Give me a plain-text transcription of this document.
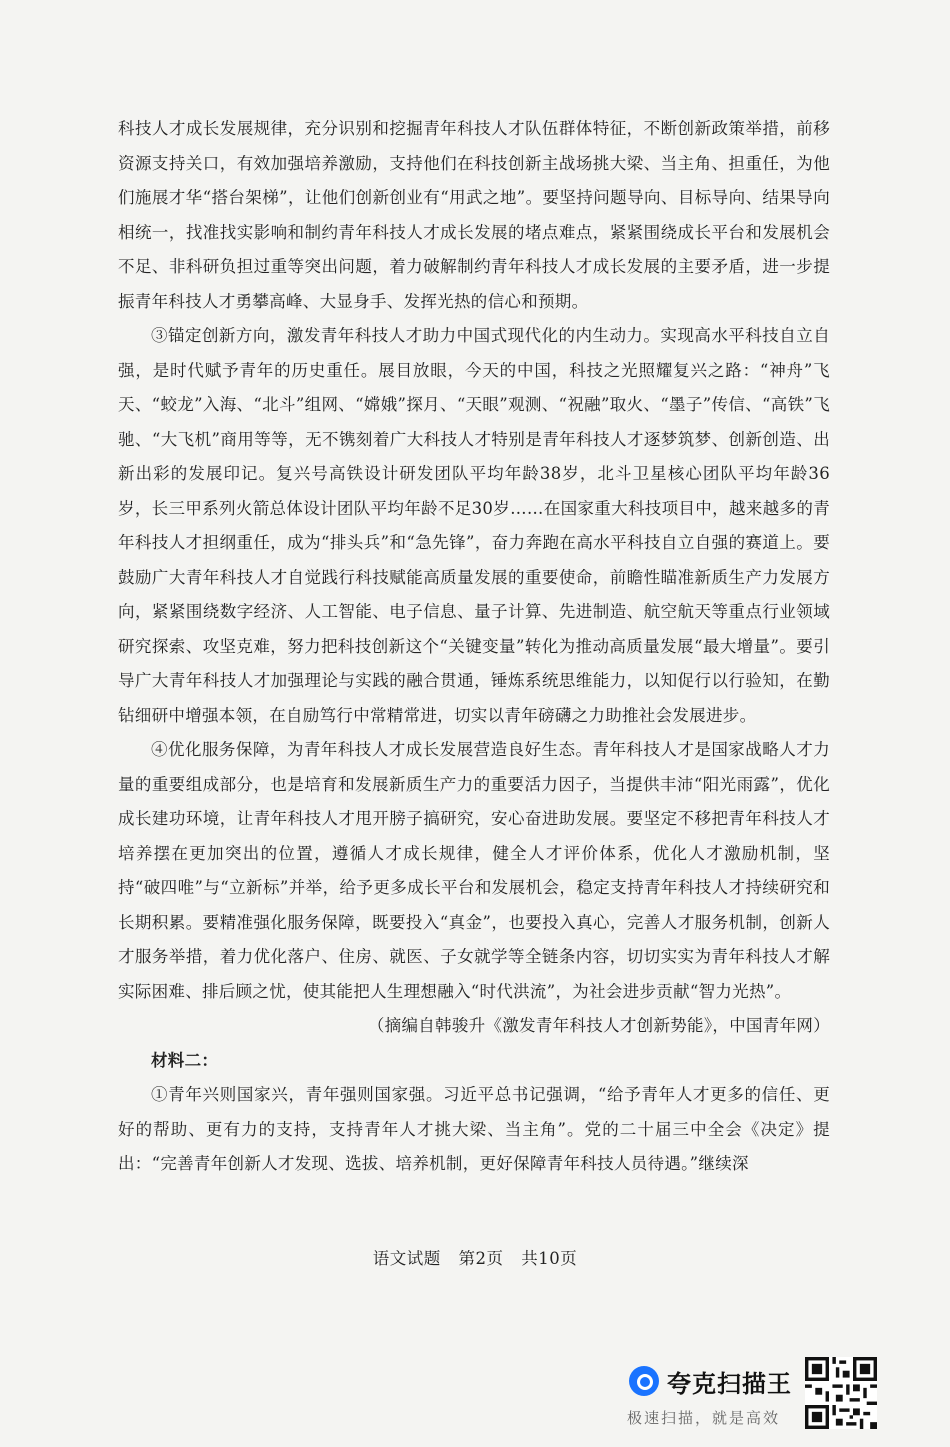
科技人才成长发展规律，充分识别和挖掘青年科技人才队伍群体特征，不断创新政策举措，前移资源支持关口，有效加强培养激励，支持他们在科技创新主战场挑大梁、当主角、担重任，为他们施展才华“搭台架梯”，让他们创新创业有“用武之地”。要坚持问题导向、目标导向、结果导向相统一，找准找实影响和制约青年科技人才成长发展的堵点难点，紧紧围绕成长平台和发展机会不足、非科研负担过重等突出问题，着力破解制约青年科技人才成长发展的主要矛盾，进一步提振青年科技人才勇攀高峰、大显身手、发挥光热的信心和预期。

③锚定创新方向，激发青年科技人才助力中国式现代化的内生动力。实现高水平科技自立自强，是时代赋予青年的历史重任。展目放眼，今天的中国，科技之光照耀复兴之路：“神舟”飞天、“蛟龙”入海、“北斗”组网、“嫦娥”探月、“天眼”观测、“祝融”取火、“墨子”传信、“高铁”飞驰、“大飞机”商用等等，无不镌刻着广大科技人才特别是青年科技人才逐梦筑梦、创新创造、出新出彩的发展印记。复兴号高铁设计研发团队平均年龄38岁，北斗卫星核心团队平均年龄36岁，长三甲系列火箭总体设计团队平均年龄不足30岁……在国家重大科技项目中，越来越多的青年科技人才担纲重任，成为“排头兵”和“急先锋”，奋力奔跑在高水平科技自立自强的赛道上。要鼓励广大青年科技人才自觉践行科技赋能高质量发展的重要使命，前瞻性瞄准新质生产力发展方向，紧紧围绕数字经济、人工智能、电子信息、量子计算、先进制造、航空航天等重点行业领域研究探索、攻坚克难，努力把科技创新这个“关键变量”转化为推动高质量发展“最大增量”。要引导广大青年科技人才加强理论与实践的融合贯通，锤炼系统思维能力，以知促行以行验知，在勤钻细研中增强本领，在自励笃行中常精常进，切实以青年磅礴之力助推社会发展进步。

④优化服务保障，为青年科技人才成长发展营造良好生态。青年科技人才是国家战略人才力量的重要组成部分，也是培育和发展新质生产力的重要活力因子，当提供丰沛“阳光雨露”，优化成长建功环境，让青年科技人才甩开膀子搞研究，安心奋进助发展。要坚定不移把青年科技人才培养摆在更加突出的位置，遵循人才成长规律，健全人才评价体系，优化人才激励机制，坚持“破四唯”与“立新标”并举，给予更多成长平台和发展机会，稳定支持青年科技人才持续研究和长期积累。要精准强化服务保障，既要投入“真金”，也要投入真心，完善人才服务机制，创新人才服务举措，着力优化落户、住房、就医、子女就学等全链条内容，切切实实为青年科技人才解实际困难、排后顾之忧，使其能把人生理想融入“时代洪流”，为社会进步贡献“智力光热”。

（摘编自韩骏升《激发青年科技人才创新势能》，中国青年网）

材料二：

①青年兴则国家兴，青年强则国家强。习近平总书记强调，“给予青年人才更多的信任、更好的帮助、更有力的支持，支持青年人才挑大梁、当主角”。党的二十届三中全会《决定》提出：“完善青年创新人才发现、选拔、培养机制，更好保障青年科技人员待遇。”继续深

语文试题 第2页 共10页
夸克扫描王
极速扫描，就是高效
